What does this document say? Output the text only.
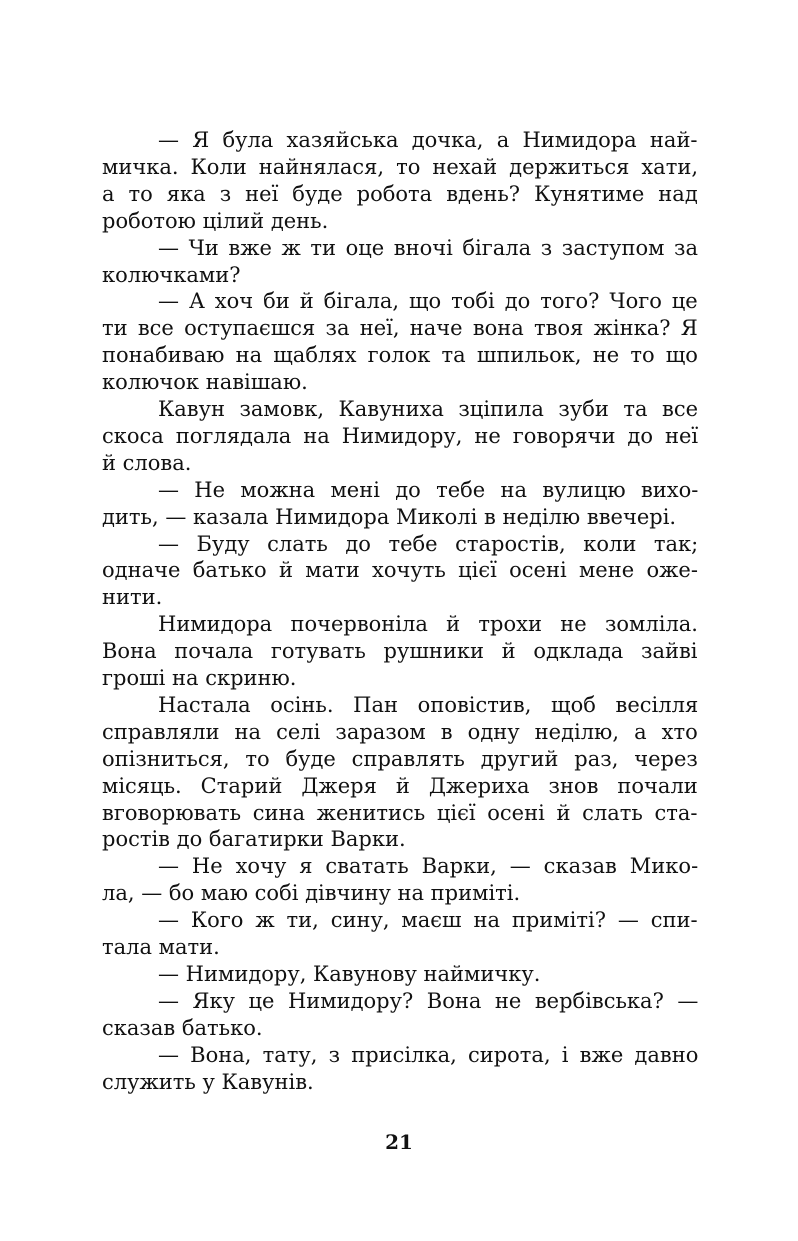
— Я була хазяйська дочка, а Нимидора най-
мичка. Коли найнялася, то нехай держиться хати,
а то яка з неї буде робота вдень? Кунятиме над
роботою цілий день.
— Чи вже ж ти оце вночі бігала з заступом за
колючками?
— А хоч би й бігала, що тобі до того? Чого це
ти все оступаєшся за неї, наче вона твоя жінка? Я
понабиваю на щаблях голок та шпильок, не то що
колючок навішаю.
Кавун замовк, Кавуниха зціпила зуби та все
скоса поглядала на Нимидору, не говорячи до неї
й слова.
— Не можна мені до тебе на вулицю вихо-
дить, — казала Нимидора Миколі в неділю ввечері.
— Буду слать до тебе старостів, коли так;
одначе батько й мати хочуть цієї осені мене оже-
нити.
Нимидора почервоніла й трохи не зомліла.
Вона почала готувать рушники й одклада зайві
гроші на скриню.
Настала осінь. Пан оповістив, щоб весілля
справляли на селі заразом в одну неділю, а хто
опізниться, то буде справлять другий раз, через
місяць. Старий Джеря й Джериха знов почали
вговорювать сина женитись цієї осені й слать ста-
ростів до багатирки Варки.
— Не хочу я сватать Варки, — сказав Мико-
ла, — бо маю собі дівчину на приміті.
— Кого ж ти, сину, маєш на приміті? — спи-
тала мати.
— Нимидору, Кавунову наймичку.
— Яку це Нимидору? Вона не вербівська? —
сказав батько.
— Вона, тату, з присілка, сирота, і вже давно
служить у Кавунів.
21
